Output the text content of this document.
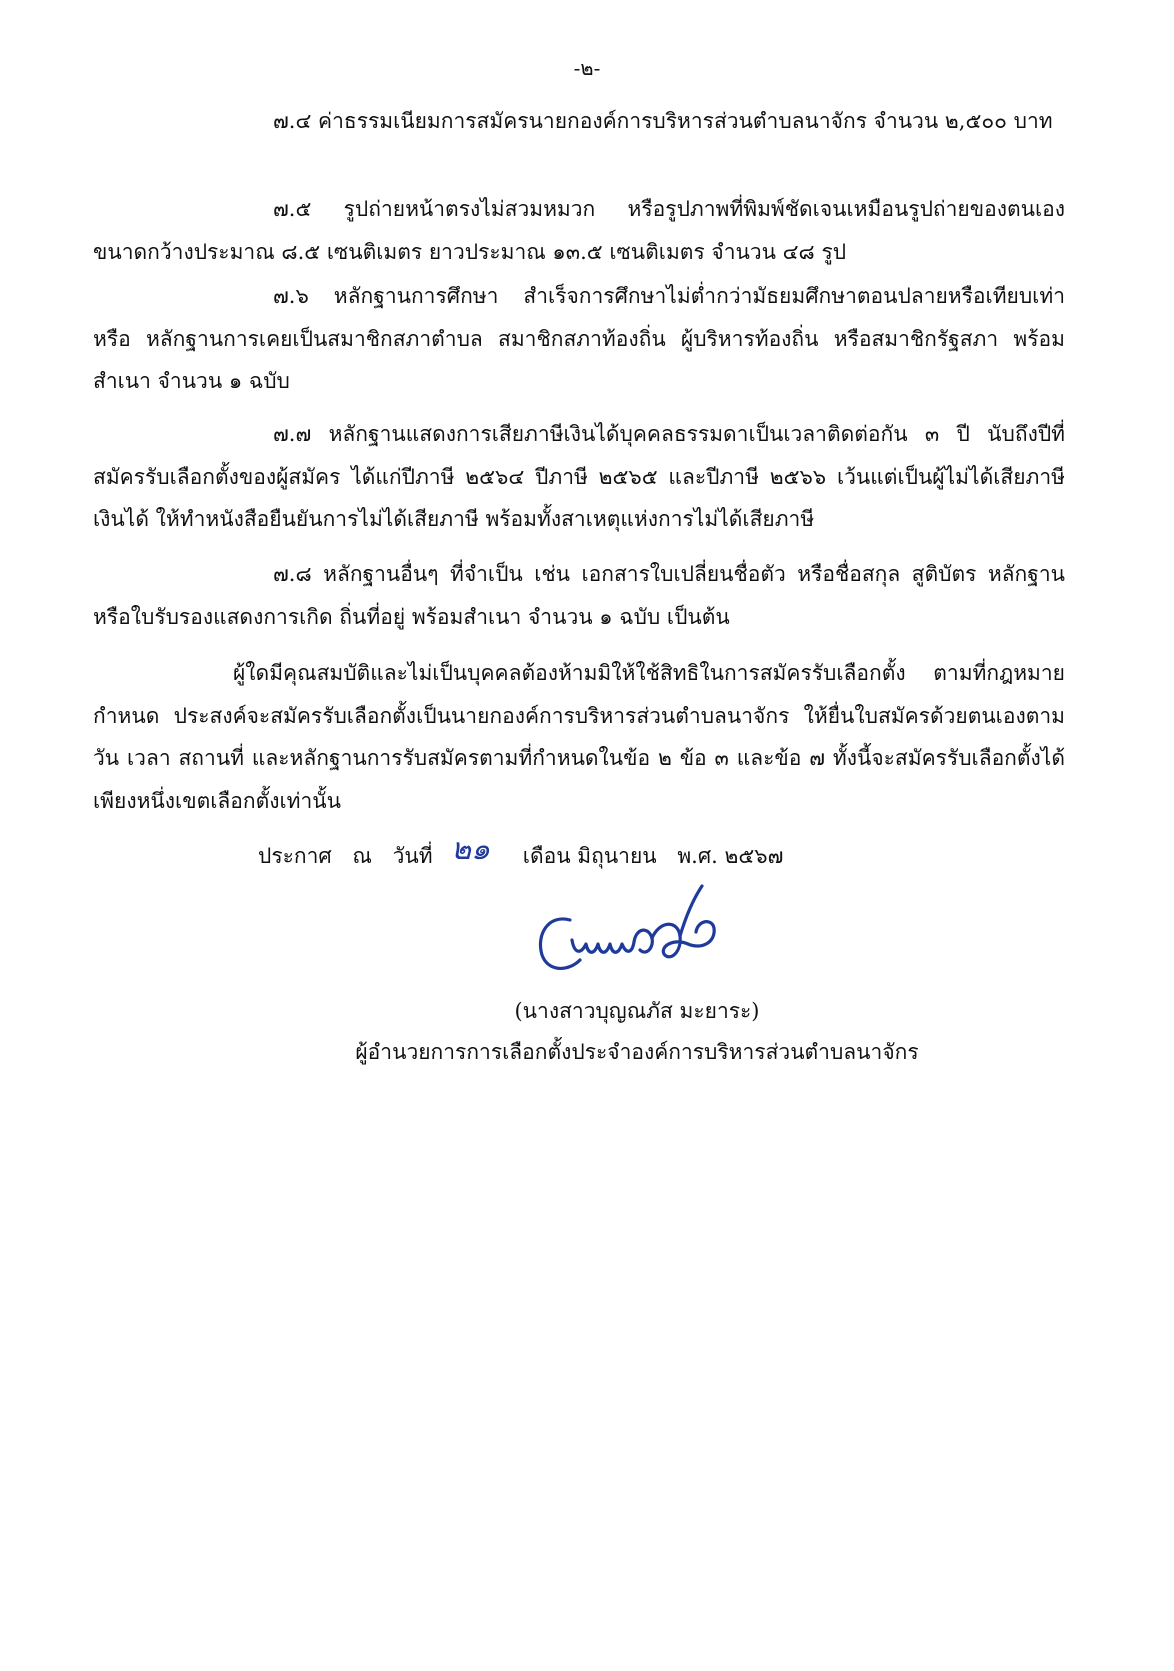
-๒-

๗.๔ ค่าธรรมเนียมการสมัครนายกองค์การบริหารส่วนตำบลนาจักร จำนวน ๒,๕๐๐ บาท

๗.๕ รูปถ่ายหน้าตรงไม่สวมหมวก หรือรูปภาพที่พิมพ์ชัดเจนเหมือนรูปถ่ายของตนเองขนาดกว้างประมาณ ๘.๕ เซนติเมตร ยาวประมาณ ๑๓.๕ เซนติเมตร จำนวน ๔๘ รูป

๗.๖ หลักฐานการศึกษา สำเร็จการศึกษาไม่ต่ำกว่ามัธยมศึกษาตอนปลายหรือเทียบเท่า หรือ หลักฐานการเคยเป็นสมาชิกสภาตำบล สมาชิกสภาท้องถิ่น ผู้บริหารท้องถิ่น หรือสมาชิกรัฐสภา พร้อมสำเนา จำนวน ๑ ฉบับ

๗.๗ หลักฐานแสดงการเสียภาษีเงินได้บุคคลธรรมดาเป็นเวลาติดต่อกัน ๓ ปี นับถึงปีที่สมัครรับเลือกตั้งของผู้สมัคร ได้แก่ปีภาษี ๒๕๖๔ ปีภาษี ๒๕๖๕ และปีภาษี ๒๕๖๖ เว้นแต่เป็นผู้ไม่ได้เสียภาษีเงินได้ ให้ทำหนังสือยืนยันการไม่ได้เสียภาษี พร้อมทั้งสาเหตุแห่งการไม่ได้เสียภาษี

๗.๘ หลักฐานอื่นๆ ที่จำเป็น เช่น เอกสารใบเปลี่ยนชื่อตัว หรือชื่อสกุล สูติบัตร หลักฐาน หรือใบรับรองแสดงการเกิด ถิ่นที่อยู่ พร้อมสำเนา จำนวน ๑ ฉบับ เป็นต้น

ผู้ใดมีคุณสมบัติและไม่เป็นบุคคลต้องห้ามมิให้ใช้สิทธิในการสมัครรับเลือกตั้ง ตามที่กฎหมายกำหนด ประสงค์จะสมัครรับเลือกตั้งเป็นนายกองค์การบริหารส่วนตำบลนาจักร ให้ยื่นใบสมัครด้วยตนเองตามวัน เวลา สถานที่ และหลักฐานการรับสมัครตามที่กำหนดในข้อ ๒ ข้อ ๓ และข้อ ๗ ทั้งนี้จะสมัครรับเลือกตั้งได้เพียงหนึ่งเขตเลือกตั้งเท่านั้น

ประกาศ ณ วันที่ ๒๑ เดือน มิถุนายน พ.ศ. ๒๕๖๗
(นางสาวบุญณภัส มะยาระ)
ผู้อำนวยการการเลือกตั้งประจำองค์การบริหารส่วนตำบลนาจักร
